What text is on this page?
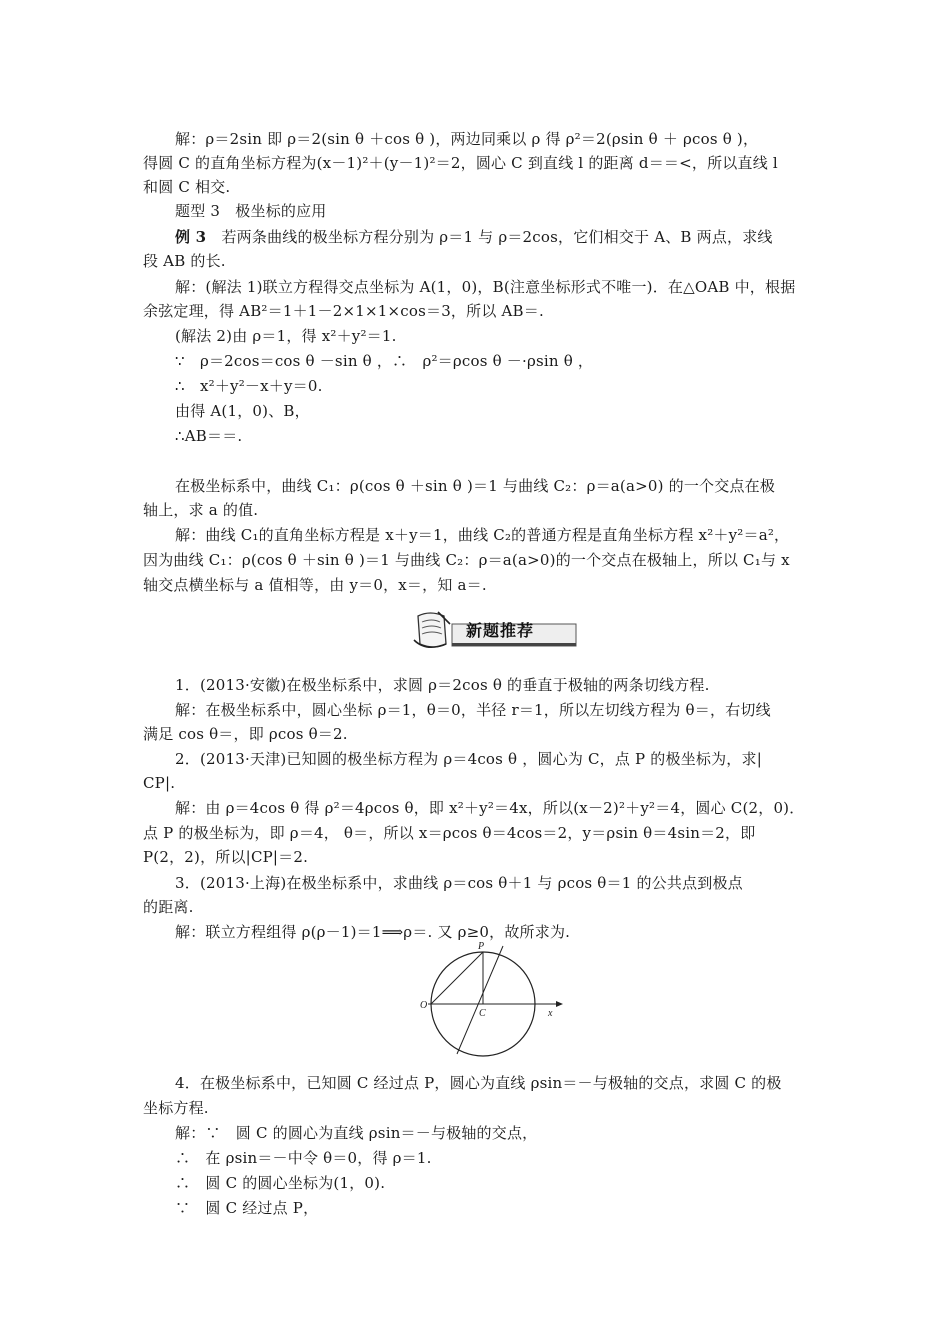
解：ρ＝2sin 即 ρ＝2(sin θ ＋cos θ )，两边同乘以 ρ 得 ρ²＝2(ρsin θ ＋ ρcos θ )，
得圆 C 的直角坐标方程为(x－1)²＋(y－1)²＝2，圆心 C 到直线 l 的距离 d＝＝<，所以直线 l
和圆 C 相交.
题型 3　极坐标的应用
例 3　若两条曲线的极坐标方程分别为 ρ＝1 与 ρ＝2cos，它们相交于 A、B 两点，求线
段 AB 的长.
解：(解法 1)联立方程得交点坐标为 A(1，0)，B(注意坐标形式不唯一)．在△OAB 中，根据
余弦定理，得 AB²＝1＋1－2×1×1×cos＝3，所以 AB＝.
(解法 2)由 ρ＝1，得 x²＋y²＝1.
∵　ρ＝2cos＝cos θ －sin θ ，∴　ρ²＝ρcos θ －·ρsin θ ，
∴　x²＋y²－x＋y＝0.
由得 A(1，0)、B，
∴AB＝＝.
在极坐标系中，曲线 C₁：ρ(cos θ ＋sin θ )＝1 与曲线 C₂：ρ＝a(a>0) 的一个交点在极
轴上，求 a 的值.
解：曲线 C₁的直角坐标方程是 x＋y＝1，曲线 C₂的普通方程是直角坐标方程 x²＋y²＝a²，
因为曲线 C₁：ρ(cos θ ＋sin θ )＝1 与曲线 C₂：ρ＝a(a>0)的一个交点在极轴上，所以 C₁与 x
轴交点横坐标与 a 值相等，由 y＝0，x＝，知 a＝.
新题推荐
1．(2013·安徽)在极坐标系中，求圆 ρ＝2cos θ 的垂直于极轴的两条切线方程.
解：在极坐标系中，圆心坐标 ρ＝1，θ＝0，半径 r＝1，所以左切线方程为 θ＝，右切线
满足 cos θ＝，即 ρcos θ＝2.
2．(2013·天津)已知圆的极坐标方程为 ρ＝4cos θ ，圆心为 C，点 P 的极坐标为，求|
CP|.
解：由 ρ＝4cos θ 得 ρ²＝4ρcos θ，即 x²＋y²＝4x，所以(x－2)²＋y²＝4，圆心 C(2，0)．
点 P 的极坐标为，即 ρ＝4， θ＝，所以 x＝ρcos θ＝4cos＝2，y＝ρsin θ＝4sin＝2，即
P(2，2)，所以|CP|＝2.
3．(2013·上海)在极坐标系中，求曲线 ρ＝cos θ＋1 与 ρcos θ＝1 的公共点到极点
的距离.
解：联立方程组得 ρ(ρ－1)＝1⟹ρ＝. 又 ρ≥0，故所求为.
P
O
C	x
4．在极坐标系中，已知圆 C 经过点 P，圆心为直线 ρsin＝－与极轴的交点，求圆 C 的极
坐标方程.
解：∵　圆 C 的圆心为直线 ρsin＝－与极轴的交点，
∴　在 ρsin＝－中令 θ＝0，得 ρ＝1.
∴　圆 C 的圆心坐标为(1，0).
∵　圆 C 经过点 P，
